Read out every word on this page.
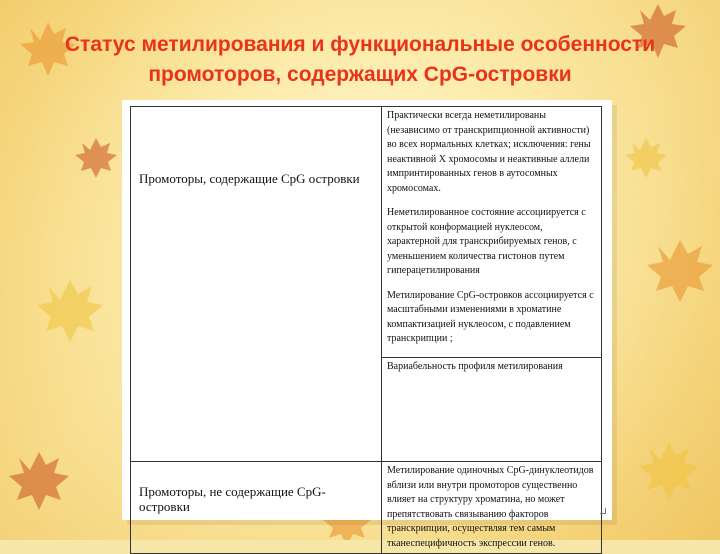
Статус метилирования и функциональные особенности
промоторов, содержащих CpG-островки
Промоторы, содержащие CpG островки	Практически всегда неметилированы (независимо от транскрипционной активности) во всех нормальных клетках; исключения: гены неактивной X хромосомы и неактивные аллели импринтированных генов в аутосомных хромосомах.

Неметилированное состояние ассоциируется с открытой конформацией нуклеосом, характерной для транскрибируемых генов, с уменьшением количества гистонов путем гиперацетилирования

Метилирование CpG-островков ассоциируется с масштабными изменениями в хроматине компактизацией нуклеосом, с подавлением транскрипции ;

Вариабельность профиля метилирования

Промоторы, не содержащие CpG-островки	Метилирование одиночных CpG-динуклеотидов вблизи или внутри промоторов существенно влияет на структуру хроматина, но может препятствовать связыванию факторов транскрипции, осуществляя тем самым тканеспецифичность экспрессии генов.
